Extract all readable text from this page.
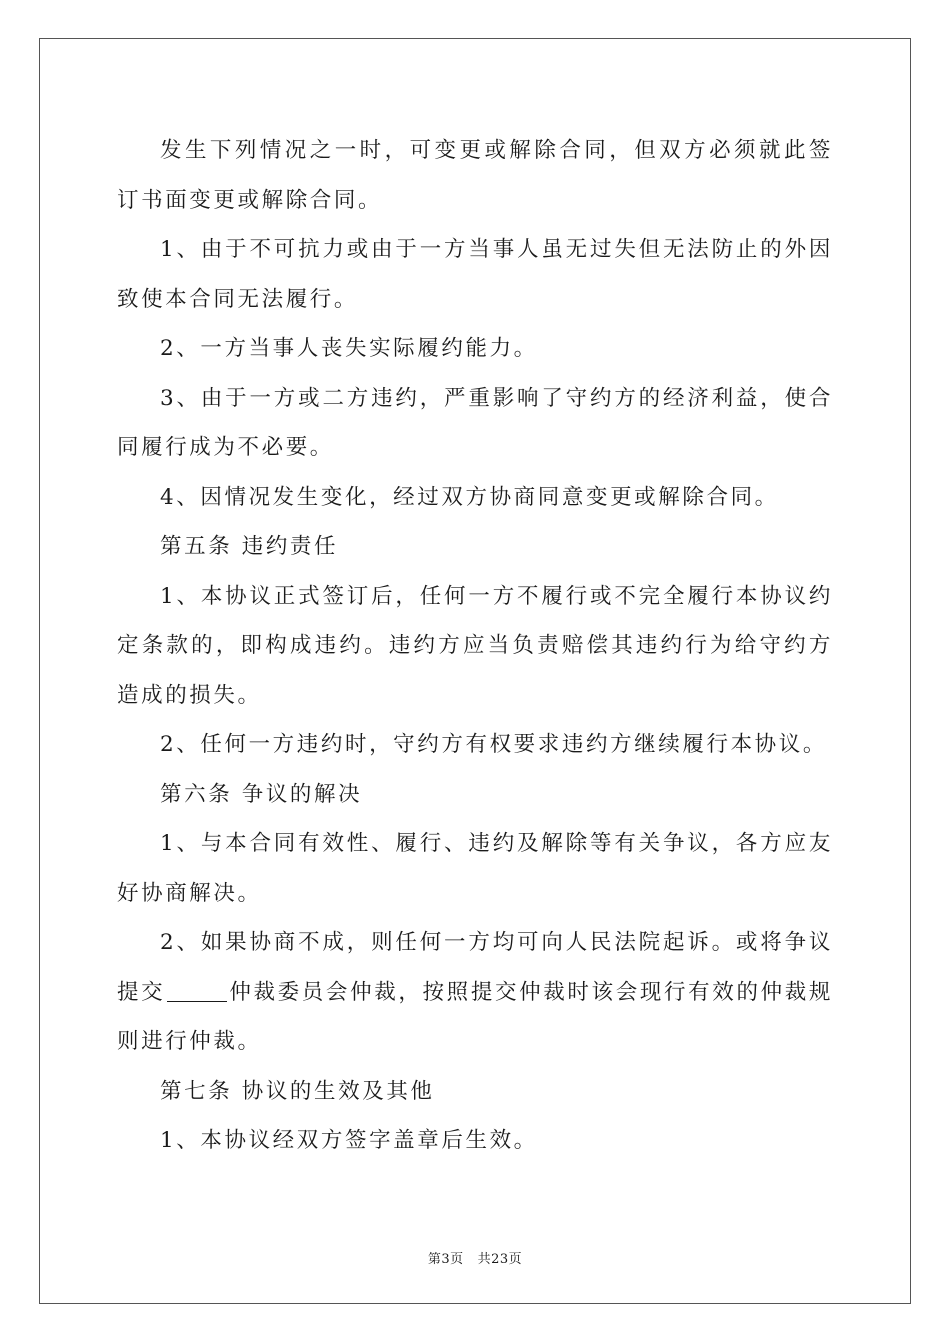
发生下列情况之一时，可变更或解除合同，但双方必须就此签订书面变更或解除合同。

1、由于不可抗力或由于一方当事人虽无过失但无法防止的外因致使本合同无法履行。

2、一方当事人丧失实际履约能力。

3、由于一方或二方违约，严重影响了守约方的经济利益，使合同履行成为不必要。

4、因情况发生变化，经过双方协商同意变更或解除合同。

第五条 违约责任

1、本协议正式签订后，任何一方不履行或不完全履行本协议约定条款的，即构成违约。违约方应当负责赔偿其违约行为给守约方造成的损失。

2、任何一方违约时，守约方有权要求违约方继续履行本协议。

第六条 争议的解决

1、与本合同有效性、履行、违约及解除等有关争议，各方应友好协商解决。

2、如果协商不成，则任何一方均可向人民法院起诉。或将争议提交	仲裁委员会仲裁，按照提交仲裁时该会现行有效的仲裁规则进行仲裁。

第七条 协议的生效及其他

1、本协议经双方签字盖章后生效。

第3页 共23页
